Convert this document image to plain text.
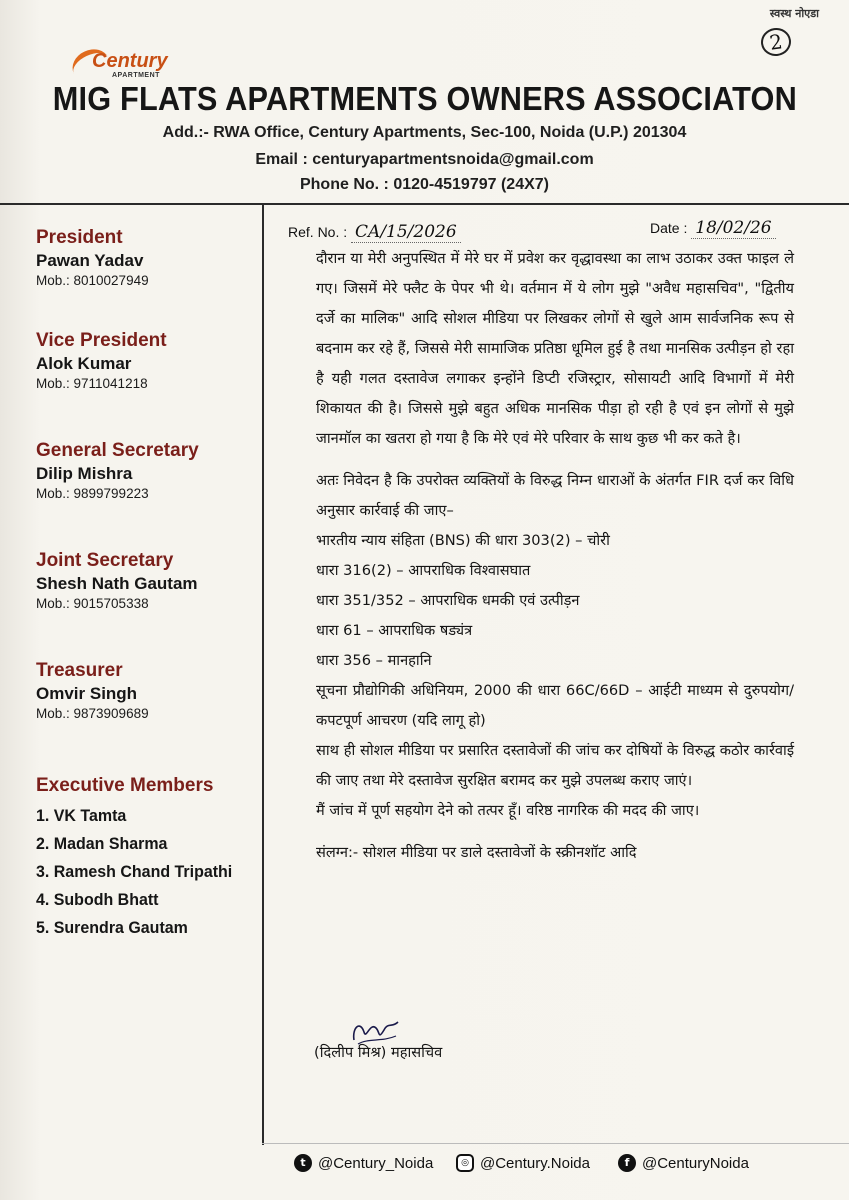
स्वस्थ नोएडा
2
Century
APARTMENT
MIG FLATS APARTMENTS OWNERS ASSOCIATON
Add.:- RWA Office, Century Apartments, Sec-100, Noida (U.P.) 201304
Email : centuryapartmentsnoida@gmail.com
Phone No. : 0120-4519797 (24X7)
President
Pawan Yadav
Mob.: 8010027949
Vice President
Alok Kumar
Mob.: 9711041218
General Secretary
Dilip Mishra
Mob.: 9899799223
Joint Secretary
Shesh Nath Gautam
Mob.: 9015705338
Treasurer
Omvir Singh
Mob.: 9873909689
Executive Members
1. VK Tamta
2. Madan Sharma
3. Ramesh Chand Tripathi
4. Subodh Bhatt
5. Surendra Gautam
Ref. No. : CA/15/2026	Date : 18/02/26

दौरान या मेरी अनुपस्थित में मेरे घर में प्रवेश कर वृद्धावस्था का लाभ उठाकर उक्त फाइल ले गए। जिसमें मेरे फ्लैट के पेपर भी थे। वर्तमान में ये लोग मुझे "अवैध महासचिव", "द्वितीय दर्जे का मालिक" आदि सोशल मीडिया पर लिखकर लोगों से खुले आम सार्वजनिक रूप से बदनाम कर रहे हैं, जिससे मेरी सामाजिक प्रतिष्ठा धूमिल हुई है तथा मानसिक उत्पीड़न हो रहा है यही गलत दस्तावेज लगाकर इन्होंने डिप्टी रजिस्ट्रार, सोसायटी आदि विभागों में मेरी शिकायत की है। जिससे मुझे बहुत अधिक मानसिक पीड़ा हो रही है एवं इन लोगों से मुझे जानमॉल का खतरा हो गया है कि मेरे एवं मेरे परिवार के साथ कुछ भी कर कते है।

अतः निवेदन है कि उपरोक्त व्यक्तियों के विरुद्ध निम्न धाराओं के अंतर्गत FIR दर्ज कर विधि अनुसार कार्रवाई की जाए–

भारतीय न्याय संहिता (BNS) की धारा 303(2) – चोरी

धारा 316(2) – आपराधिक विश्वासघात

धारा 351/352 – आपराधिक धमकी एवं उत्पीड़न

धारा 61 – आपराधिक षड्यंत्र

धारा 356 – मानहानि

सूचना प्रौद्योगिकी अधिनियम, 2000 की धारा 66C/66D – आईटी माध्यम से दुरुपयोग/कपटपूर्ण आचरण (यदि लागू हो)

साथ ही सोशल मीडिया पर प्रसारित दस्तावेजों की जांच कर दोषियों के विरुद्ध कठोर कार्रवाई की जाए तथा मेरे दस्तावेज सुरक्षित बरामद कर मुझे उपलब्ध कराए जाएं।

मैं जांच में पूर्ण सहयोग देने को तत्पर हूँ। वरिष्ठ नागरिक की मदद की जाए।

संलग्न:- सोशल मीडिया पर डाले दस्तावेजों के स्क्रीनशॉट आदि

(दिलीप मिश्र) महासचिव
t @Century_Noida	◎ @Century.Noida	f @CenturyNoida
